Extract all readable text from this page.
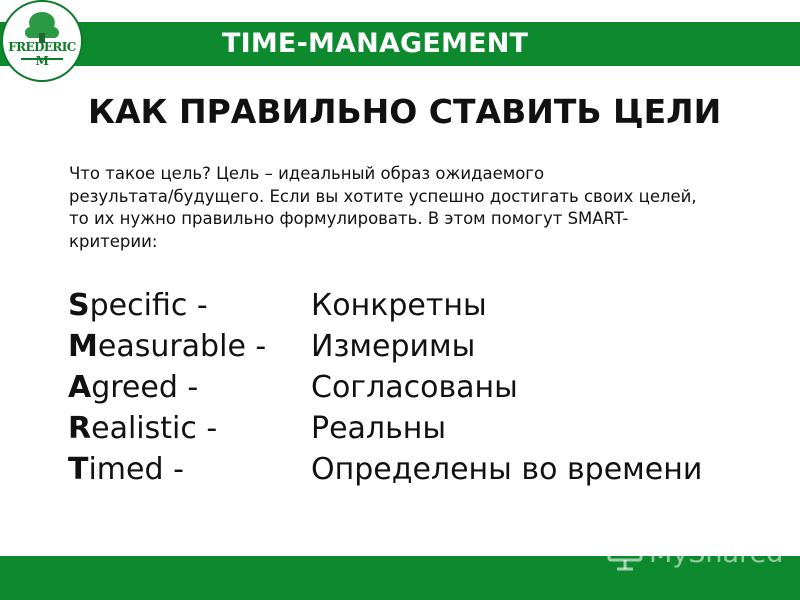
TIME-MANAGEMENT
FREDERIC M
КАК ПРАВИЛЬНО СТАВИТЬ ЦЕЛИ
Что такое цель? Цель – идеальный образ ожидаемого
результата/будущего. Если вы хотите успешно достигать своих целей,
то их нужно правильно формулировать. В этом помогут SMART-
критерии:
Specific -	Конкретны
Measurable - Измеримы
Agreed -	Согласованы
Realistic -	Реальны
Timed -	Определены во времени
MyShared
